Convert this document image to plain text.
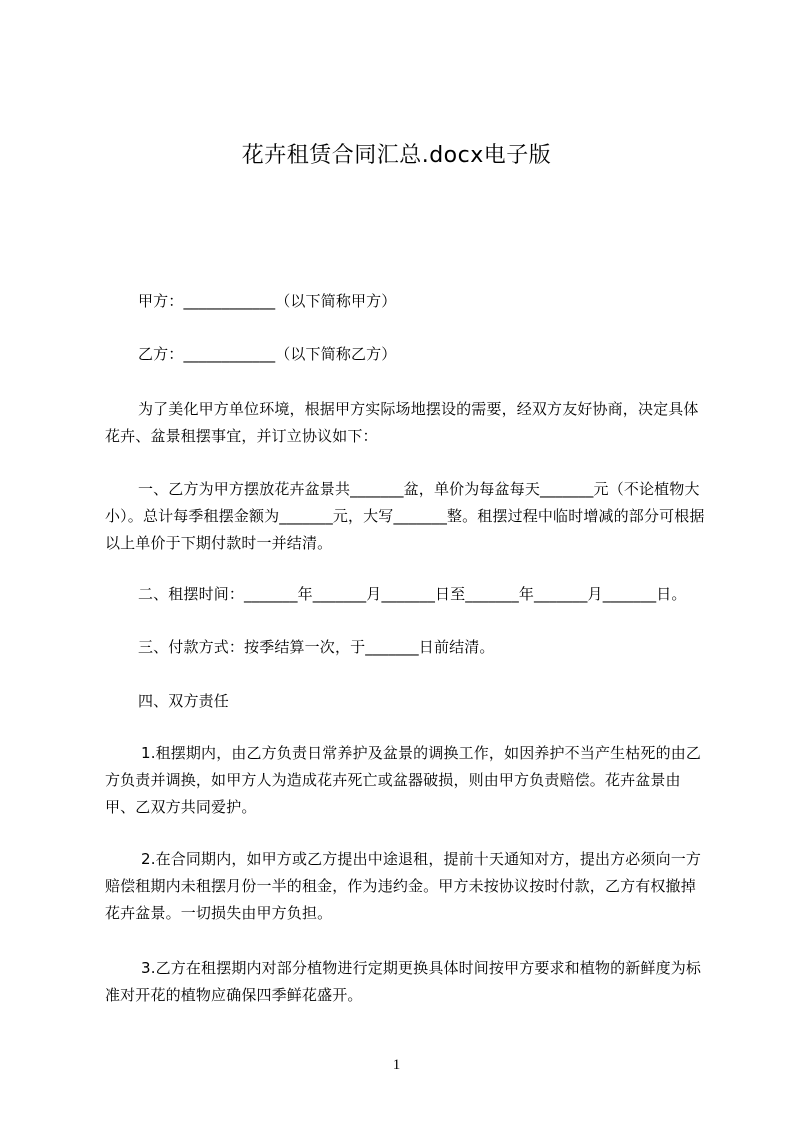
花卉租赁合同汇总.docx电子版
甲方：____________（以下简称甲方）
乙方：____________（以下简称乙方）
为了美化甲方单位环境，根据甲方实际场地摆设的需要，经双方友好协商，决定具体花卉、盆景租摆事宜，并订立协议如下：
一、乙方为甲方摆放花卉盆景共_______盆，单价为每盆每天_______元（不论植物大小）。总计每季租摆金额为_______元，大写_______整。租摆过程中临时增减的部分可根据以上单价于下期付款时一并结清。
二、租摆时间：_______年_______月_______日至_______年_______月_______日。
三、付款方式：按季结算一次，于_______日前结清。
四、双方责任
1.租摆期内，由乙方负责日常养护及盆景的调换工作，如因养护不当产生枯死的由乙方负责并调换，如甲方人为造成花卉死亡或盆器破损，则由甲方负责赔偿。花卉盆景由甲、乙双方共同爱护。
2.在合同期内，如甲方或乙方提出中途退租，提前十天通知对方，提出方必须向一方赔偿租期内未租摆月份一半的租金，作为违约金。甲方未按协议按时付款，乙方有权撤掉花卉盆景。一切损失由甲方负担。
3.乙方在租摆期内对部分植物进行定期更换具体时间按甲方要求和植物的新鲜度为标准对开花的植物应确保四季鲜花盛开。
1
